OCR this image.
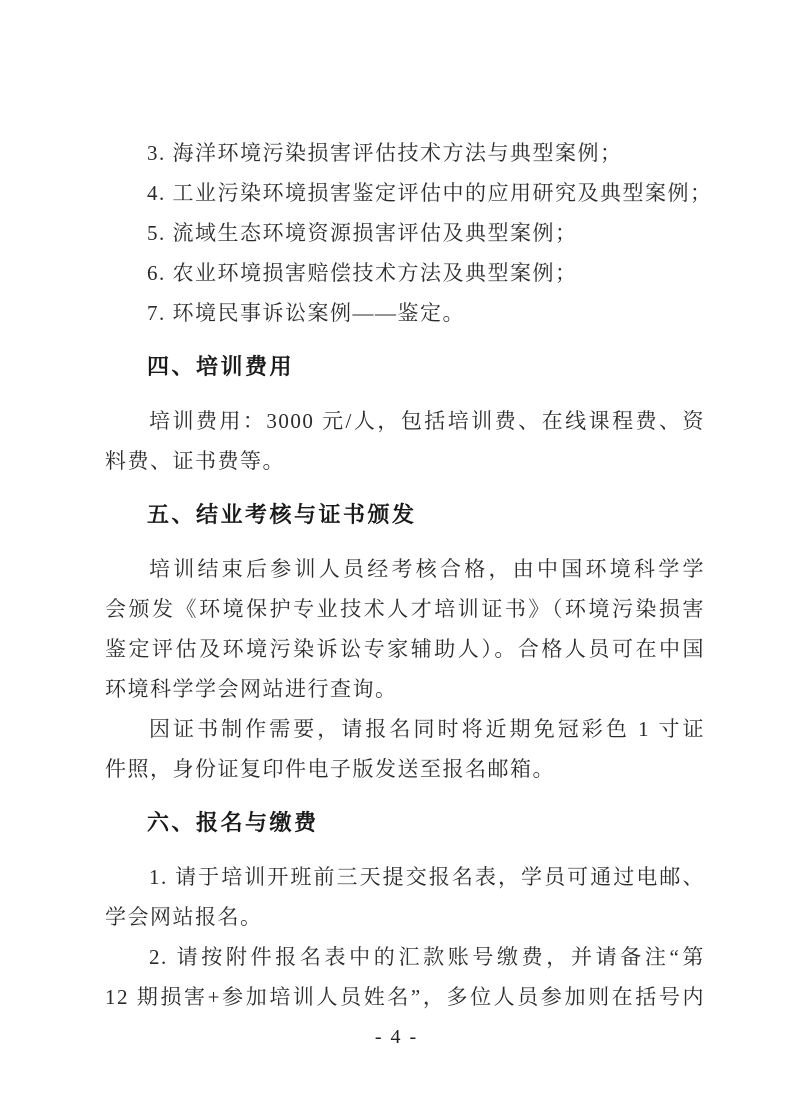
3. 海洋环境污染损害评估技术方法与典型案例；
4. 工业污染环境损害鉴定评估中的应用研究及典型案例；
5. 流域生态环境资源损害评估及典型案例；
6. 农业环境损害赔偿技术方法及典型案例；
7. 环境民事诉讼案例——鉴定。
四、培训费用
培训费用：3000 元/人，包括培训费、在线课程费、资
料费、证书费等。
五、结业考核与证书颁发
培训结束后参训人员经考核合格，由中国环境科学学
会颁发《环境保护专业技术人才培训证书》（环境污染损害
鉴定评估及环境污染诉讼专家辅助人）。合格人员可在中国
环境科学学会网站进行查询。
因证书制作需要，请报名同时将近期免冠彩色 1 寸证
件照，身份证复印件电子版发送至报名邮箱。
六、报名与缴费
1. 请于培训开班前三天提交报名表，学员可通过电邮、
学会网站报名。
2. 请按附件报名表中的汇款账号缴费，并请备注“第
12 期损害+参加培训人员姓名”，多位人员参加则在括号内
- 4 -
